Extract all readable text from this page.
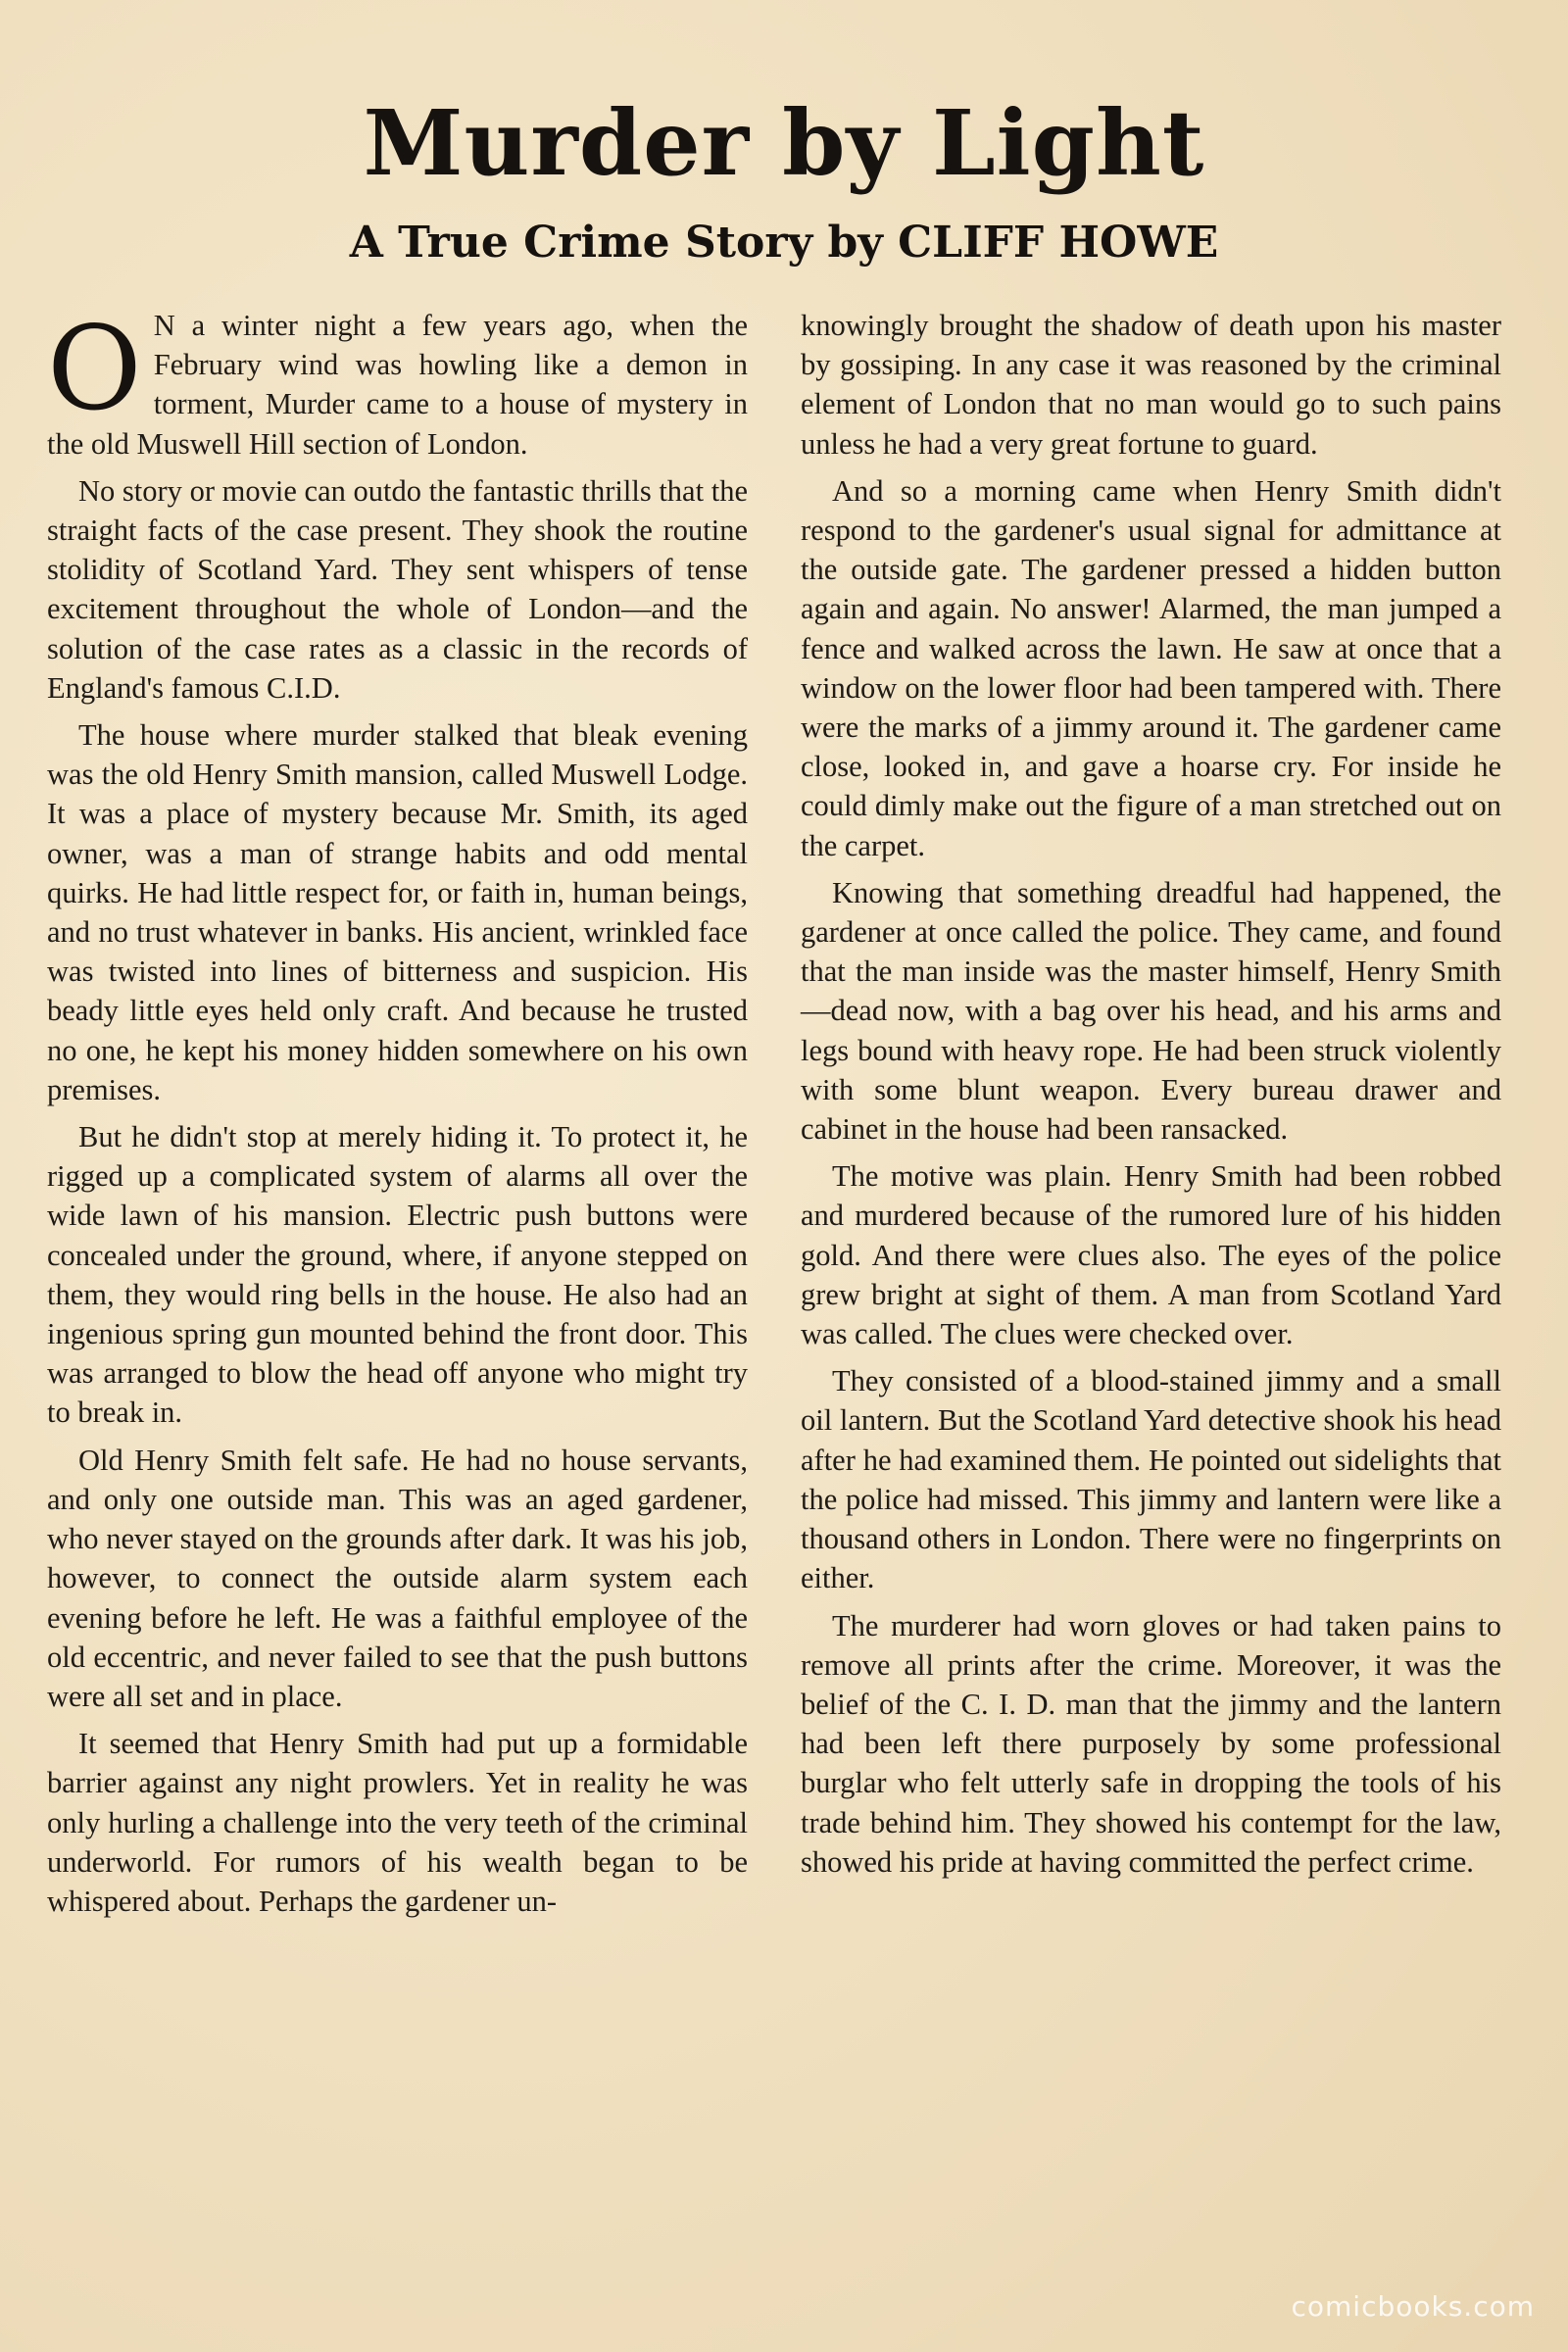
Murder by Light
A True Crime Story by CLIFF HOWE

O N a winter night a few years ago, when the February wind was howling like a demon in torment, Murder came to a house of mystery in the old Muswell Hill section of London.

No story or movie can outdo the fantastic thrills that the straight facts of the case present. They shook the routine stolidity of Scotland Yard. They sent whispers of tense excitement throughout the whole of London—and the solution of the case rates as a classic in the records of England's famous C.I.D.

The house where murder stalked that bleak evening was the old Henry Smith mansion, called Muswell Lodge. It was a place of mystery because Mr. Smith, its aged owner, was a man of strange habits and odd mental quirks. He had little respect for, or faith in, human beings, and no trust whatever in banks. His ancient, wrinkled face was twisted into lines of bitterness and suspicion. His beady little eyes held only craft. And because he trusted no one, he kept his money hidden somewhere on his own premises.

But he didn't stop at merely hiding it. To protect it, he rigged up a complicated system of alarms all over the wide lawn of his mansion. Electric push buttons were concealed under the ground, where, if anyone stepped on them, they would ring bells in the house. He also had an ingenious spring gun mounted behind the front door. This was arranged to blow the head off anyone who might try to break in.

Old Henry Smith felt safe. He had no house servants, and only one outside man. This was an aged gardener, who never stayed on the grounds after dark. It was his job, however, to connect the outside alarm system each evening before he left. He was a faithful employee of the old eccentric, and never failed to see that the push buttons were all set and in place.

It seemed that Henry Smith had put up a formidable barrier against any night prowlers. Yet in reality he was only hurling a challenge into the very teeth of the criminal underworld. For rumors of his wealth began to be whispered about. Perhaps the gardener un-

knowingly brought the shadow of death upon his master by gossiping. In any case it was reasoned by the criminal element of London that no man would go to such pains unless he had a very great fortune to guard.

And so a morning came when Henry Smith didn't respond to the gardener's usual signal for admittance at the outside gate. The gardener pressed a hidden button again and again. No answer! Alarmed, the man jumped a fence and walked across the lawn. He saw at once that a window on the lower floor had been tampered with. There were the marks of a jimmy around it. The gardener came close, looked in, and gave a hoarse cry. For inside he could dimly make out the figure of a man stretched out on the carpet.

Knowing that something dreadful had happened, the gardener at once called the police. They came, and found that the man inside was the master himself, Henry Smith—dead now, with a bag over his head, and his arms and legs bound with heavy rope. He had been struck violently with some blunt weapon. Every bureau drawer and cabinet in the house had been ransacked.

The motive was plain. Henry Smith had been robbed and murdered because of the rumored lure of his hidden gold. And there were clues also. The eyes of the police grew bright at sight of them. A man from Scotland Yard was called. The clues were checked over.

They consisted of a blood-stained jimmy and a small oil lantern. But the Scotland Yard detective shook his head after he had examined them. He pointed out sidelights that the police had missed. This jimmy and lantern were like a thousand others in London. There were no fingerprints on either.

The murderer had worn gloves or had taken pains to remove all prints after the crime. Moreover, it was the belief of the C. I. D. man that the jimmy and the lantern had been left there purposely by some professional burglar who felt utterly safe in dropping the tools of his trade behind him. They showed his contempt for the law, showed his pride at having committed the perfect crime.

comicbooks.com
